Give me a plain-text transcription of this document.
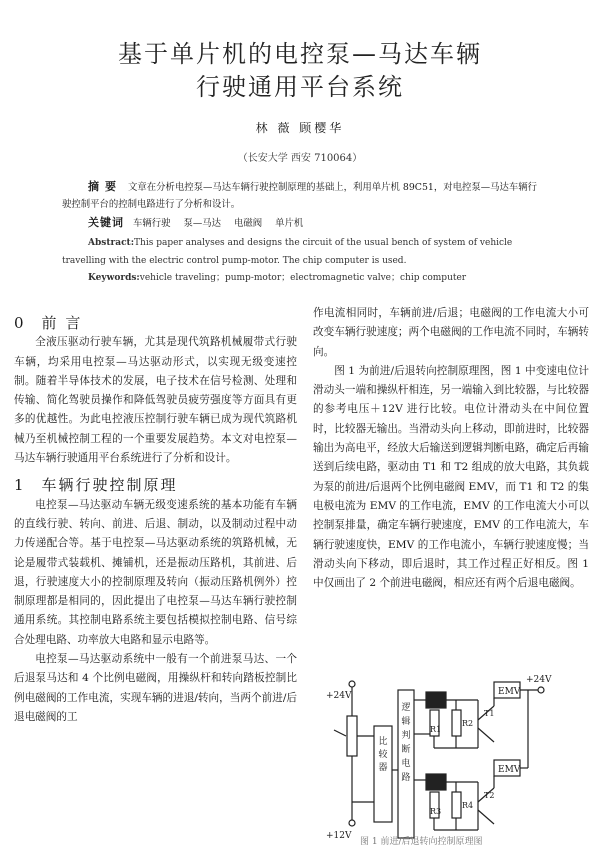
基于单片机的电控泵—马达车辆
行驶通用平台系统
林 薇 顾樱华
（长安大学 西安 710064）
摘要 文章在分析电控泵—马达车辆行驶控制原理的基础上，利用单片机 89C51，对电控泵—马达车辆行驶控制平台的控制电路进行了分析和设计。
关键词 车辆行驶 泵—马达 电磁阀 单片机
Abstract:This paper analyses and designs the circuit of the usual bench of system of vehicle travelling with the electric control pump-motor. The chip computer is used.
Keywords:vehicle traveling；pump-motor；electromagnetic valve；chip computer

0 前 言

全液压驱动行驶车辆，尤其是现代筑路机械履带式行驶车辆，均采用电控泵—马达驱动形式，以实现无级变速控制。随着半导体技术的发展，电子技术在信号检测、处理和传输、简化驾驶员操作和降低驾驶员疲劳强度等方面具有更多的优越性。为此电控液压控制行驶车辆已成为现代筑路机械乃至机械控制工程的一个重要发展趋势。本文对电控泵—马达车辆行驶通用平台系统进行了分析和设计。

1 车辆行驶控制原理

电控泵—马达驱动车辆无级变速系统的基本功能有车辆的直线行驶、转向、前进、后退、制动，以及制动过程中动力传递配合等。基于电控泵—马达驱动系统的筑路机械，无论是履带式装载机、摊铺机，还是振动压路机，其前进、后退，行驶速度大小的控制原理及转向（振动压路机例外）控制原理都是相同的，因此提出了电控泵—马达车辆行驶控制通用系统。其控制电路系统主要包括模拟控制电路、信号综合处理电路、功率放大电路和显示电路等。

电控泵—马达驱动系统中一般有一个前进泵马达、一个后退泵马达和 4 个比例电磁阀，用操纵杆和转向踏板控制比例电磁阀的工作电流，实现车辆的进退/转向，当两个前进/后退电磁阀的工

作电流相同时，车辆前进/后退；电磁阀的工作电流大小可改变车辆行驶速度；两个电磁阀的工作电流不同时，车辆转向。

图 1 为前进/后退转向控制原理图，图 1 中变速电位计滑动头一端和操纵杆相连，另一端输入到比较器，与比较器的参考电压＋12V 进行比较。电位计滑动头在中间位置时，比较器无输出。当滑动头向上移动，即前进时，比较器输出为高电平，经放大后输送到逻辑判断电路，确定后再输送到后续电路，驱动由 T1 和 T2 组成的放大电路，其负载为泵的前进/后退两个比例电磁阀 EMV，而 T1 和 T2 的集电极电流为 EMV 的工作电流，EMV 的工作电流大小可以控制泵排量，确定车辆行驶速度，EMV 的工作电流大，车辆行驶速度快，EMV 的工作电流小，车辆行驶速度慢；当滑动头向下移动，即后退时，其工作过程正好相反。图 1 中仅画出了 2 个前进电磁阀，相应还有两个后退电磁阀。

+24V
+12V
+24V
EMV
EMV
R1
R2
R3
R4
T1
T2
比较器
逻辑判断电路
图 1 前进/后退转向控制原理图
